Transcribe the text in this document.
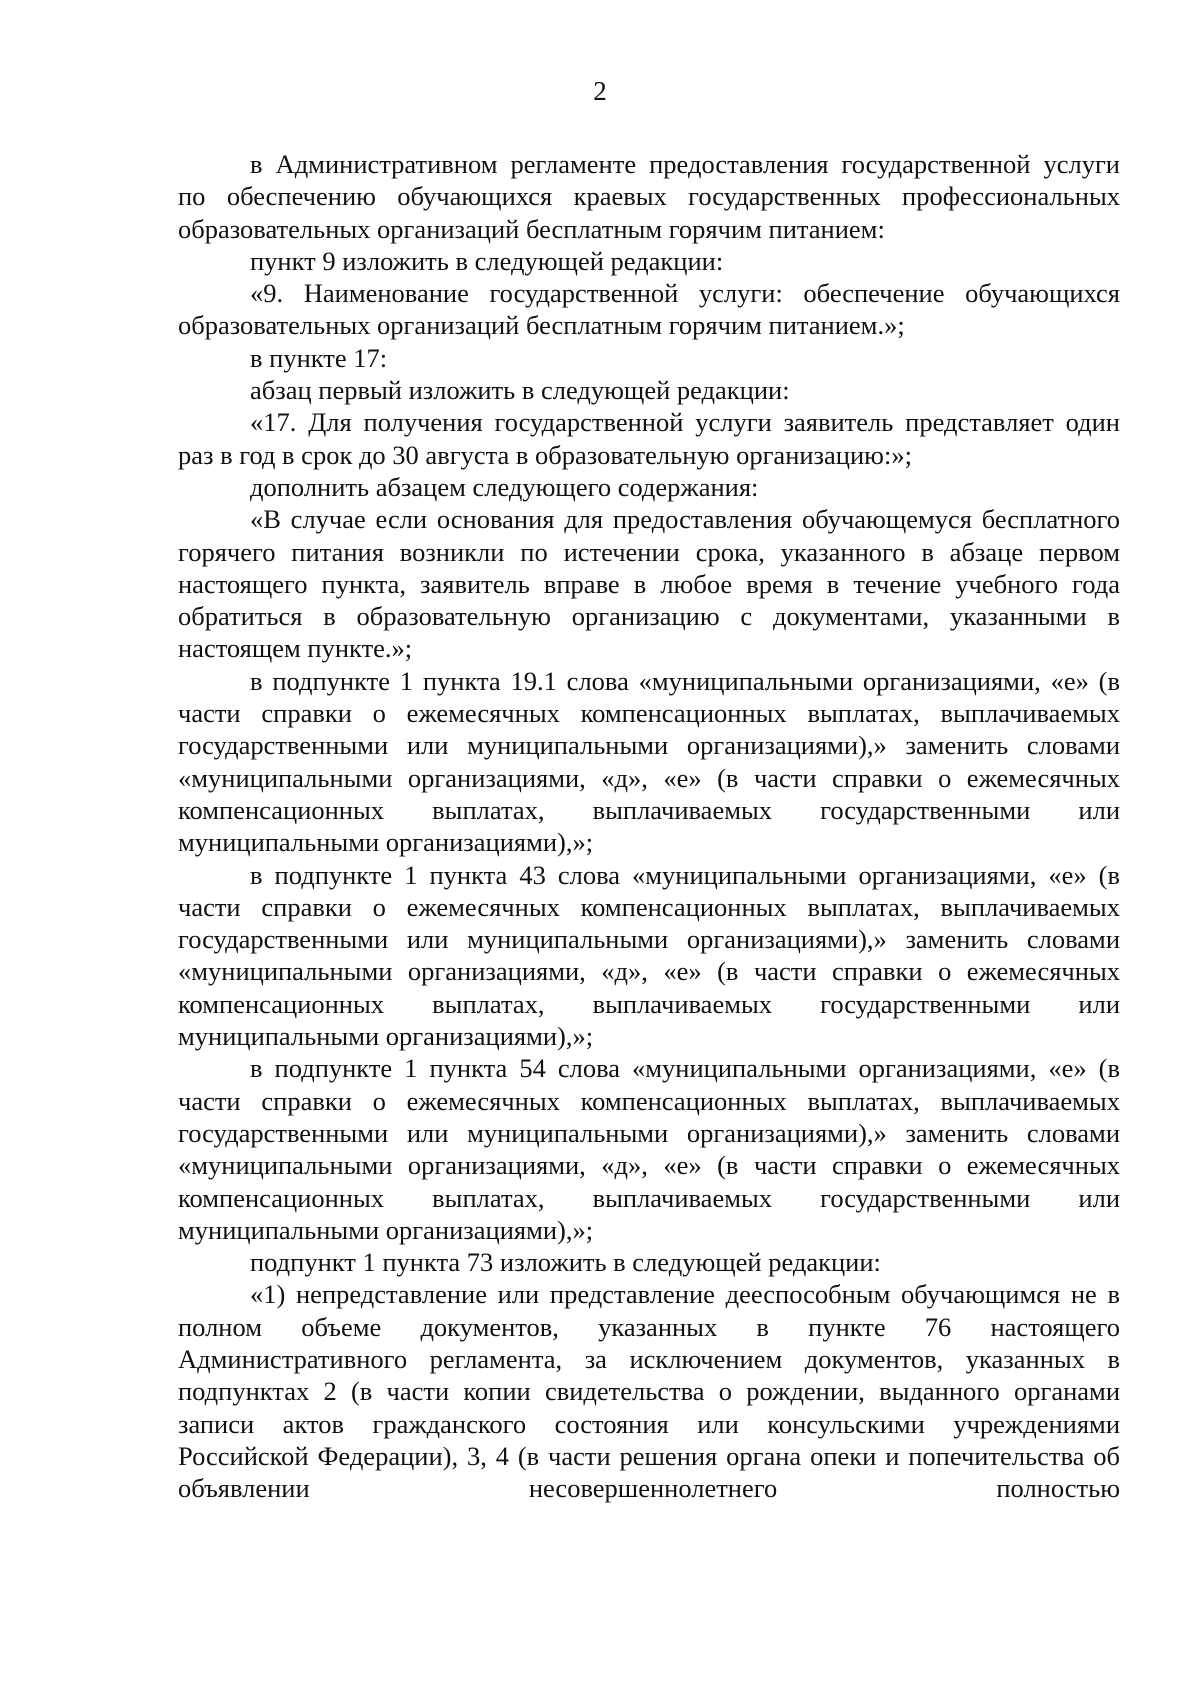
2

в Административном регламенте предоставления государственной услуги по обеспечению обучающихся краевых государственных профессиональных образовательных организаций бесплатным горячим питанием:

пункт 9 изложить в следующей редакции:

«9. Наименование государственной услуги: обеспечение обучающихся образовательных организаций бесплатным горячим питанием.»;

в пункте 17:

абзац первый изложить в следующей редакции:

«17. Для получения государственной услуги заявитель представляет один раз в год в срок до 30 августа в образовательную организацию:»;

дополнить абзацем следующего содержания:

«В случае если основания для предоставления обучающемуся бесплатного горячего питания возникли по истечении срока, указанного в абзаце первом настоящего пункта, заявитель вправе в любое время в течение учебного года обратиться в образовательную организацию с документами, указанными в настоящем пункте.»;

в подпункте 1 пункта 19.1 слова «муниципальными организациями, «е» (в части справки о ежемесячных компенсационных выплатах, выплачиваемых государственными или муниципальными организациями),» заменить словами «муниципальными организациями, «д», «е» (в части справки о ежемесячных компенсационных выплатах, выплачиваемых государственными или муниципальными организациями),»;

в подпункте 1 пункта 43 слова «муниципальными организациями, «е» (в части справки о ежемесячных компенсационных выплатах, выплачиваемых государственными или муниципальными организациями),» заменить словами «муниципальными организациями, «д», «е» (в части справки о ежемесячных компенсационных выплатах, выплачиваемых государственными или муниципальными организациями),»;

в подпункте 1 пункта 54 слова «муниципальными организациями, «е» (в части справки о ежемесячных компенсационных выплатах, выплачиваемых государственными или муниципальными организациями),» заменить словами «муниципальными организациями, «д», «е» (в части справки о ежемесячных компенсационных выплатах, выплачиваемых государственными или муниципальными организациями),»;

подпункт 1 пункта 73 изложить в следующей редакции:

«1) непредставление или представление дееспособным обучающимся не в полном объеме документов, указанных в пункте 76 настоящего Административного регламента, за исключением документов, указанных в подпунктах 2 (в части копии свидетельства о рождении, выданного органами записи актов гражданского состояния или консульскими учреждениями Российской Федерации), 3, 4 (в части решения органа опеки и попечительства об объявлении несовершеннолетнего полностью
